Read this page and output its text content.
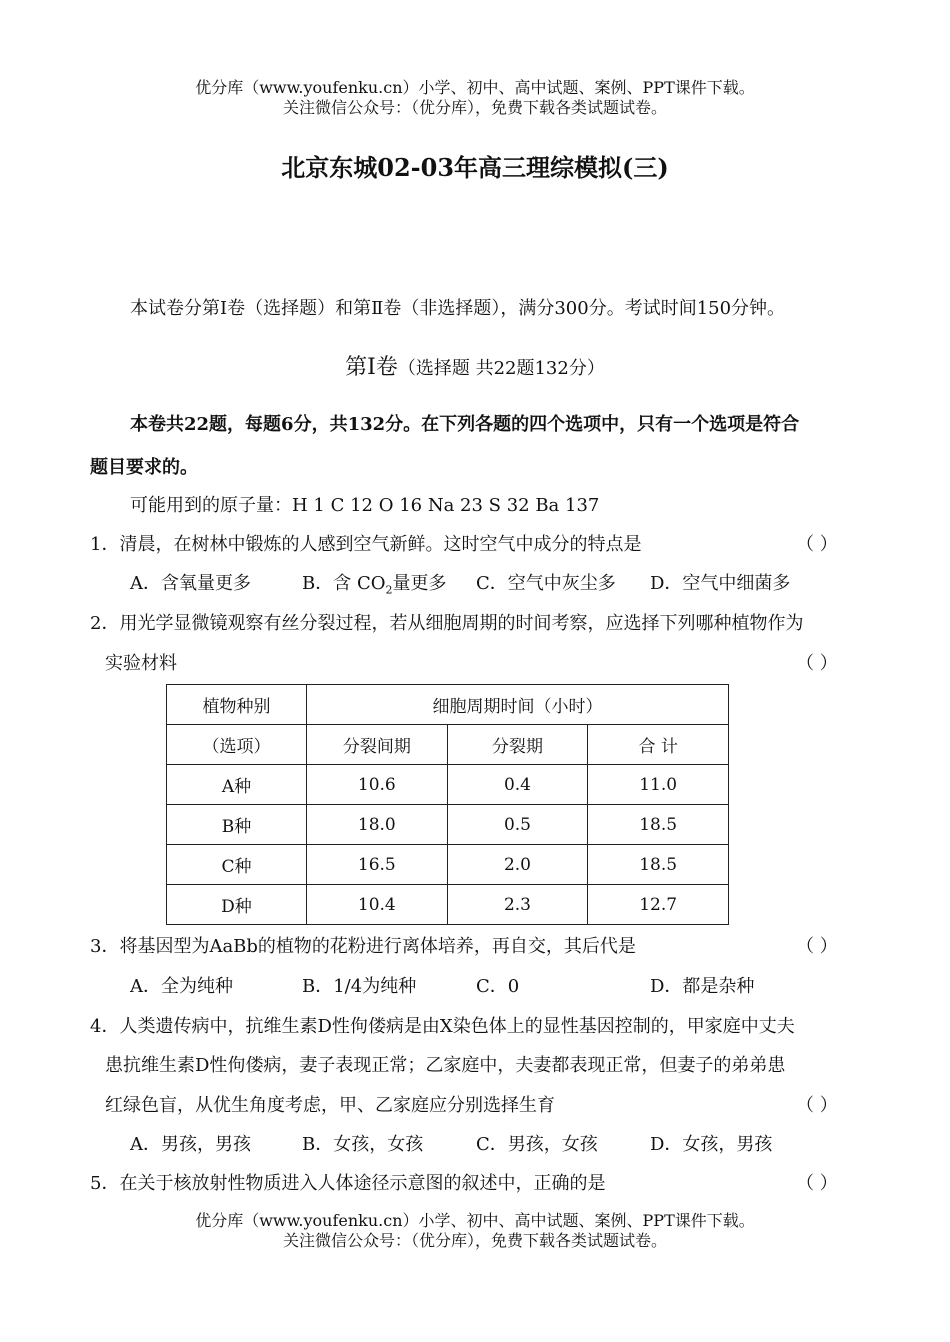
优分库（www.youfenku.cn）小学、初中、高中试题、案例、PPT课件下载。
关注微信公众号：（优分库），免费下载各类试题试卷。
北京东城02-03年高三理综模拟(三)
本试卷分第Ⅰ卷（选择题）和第Ⅱ卷（非选择题），满分300分。考试时间150分钟。
第Ⅰ卷（选择题 共22题132分）
本卷共22题，每题6分，共132分。在下列各题的四个选项中，只有一个选项是符合
题目要求的。
可能用到的原子量：H 1 C 12 O 16 Na 23 S 32 Ba 137
1．清晨，在树林中锻炼的人感到空气新鲜。这时空气中成分的特点是	（ ）
A．含氧量更多	B．含 $CO_2$量更多 C．空气中灰尘多 D．空气中细菌多
2．用光学显微镜观察有丝分裂过程，若从细胞周期的时间考察，应选择下列哪种植物作为
实验材料	（ ）
植物种别	细胞周期时间（小时）		
（选项）	分裂间期	分裂期	合 计
A种	10.6	0.4	11.0
B种	18.0	0.5	18.5
C种	16.5	2.0	18.5
D种	10.4	2.3	12.7
3．将基因型为AaBb的植物的花粉进行离体培养，再自交，其后代是	（ ）
A．全为纯种	B．1/4为纯种	C．0	D．都是杂种
4．人类遗传病中，抗维生素D性佝偻病是由X染色体上的显性基因控制的，甲家庭中丈夫
患抗维生素D性佝偻病，妻子表现正常；乙家庭中，夫妻都表现正常，但妻子的弟弟患
红绿色盲，从优生角度考虑，甲、乙家庭应分别选择生育	（ ）
A．男孩，男孩	B．女孩，女孩	C．男孩，女孩	D．女孩，男孩
5．在关于核放射性物质进入人体途径示意图的叙述中，正确的是	（ ）
优分库（www.youfenku.cn）小学、初中、高中试题、案例、PPT课件下载。
关注微信公众号：（优分库），免费下载各类试题试卷。
